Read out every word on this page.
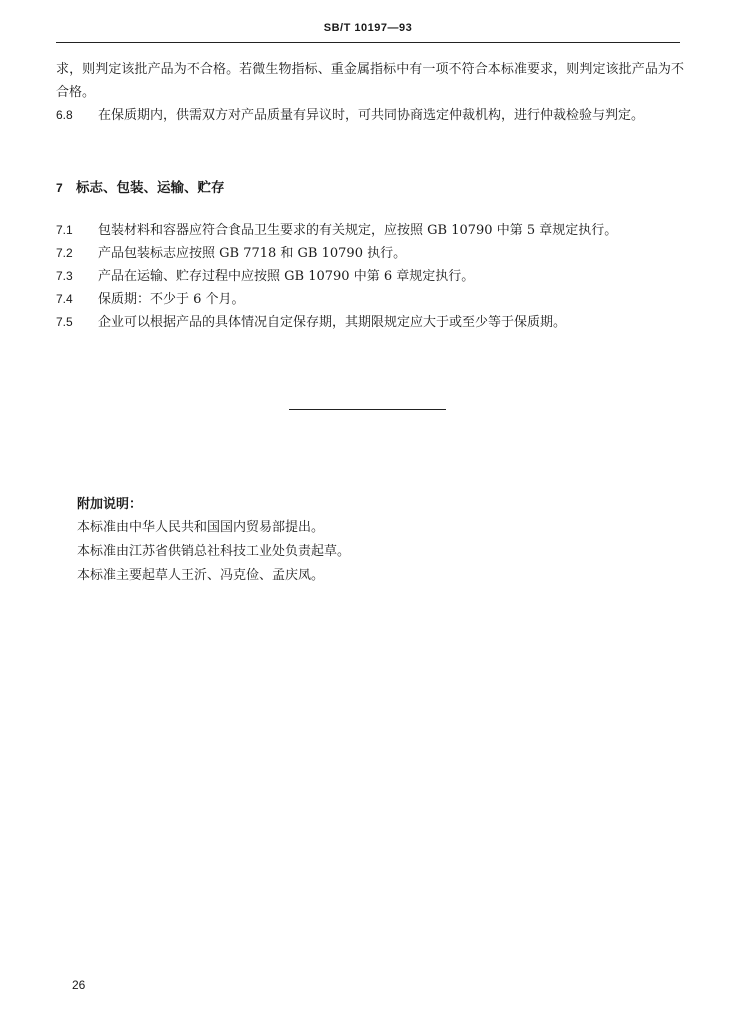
SB/T 10197—93
求，则判定该批产品为不合格。若微生物指标、重金属指标中有一项不符合本标准要求，则判定该批产品为不合格。
6.8 在保质期内，供需双方对产品质量有异议时，可共同协商选定仲裁机构，进行仲裁检验与判定。
7 标志、包装、运输、贮存
7.1 包装材料和容器应符合食品卫生要求的有关规定，应按照 GB 10790 中第 5 章规定执行。
7.2 产品包装标志应按照 GB 7718 和 GB 10790 执行。
7.3 产品在运输、贮存过程中应按照 GB 10790 中第 6 章规定执行。
7.4 保质期：不少于 6 个月。
7.5 企业可以根据产品的具体情况自定保存期，其期限规定应大于或至少等于保质期。
附加说明：
本标准由中华人民共和国国内贸易部提出。
本标准由江苏省供销总社科技工业处负责起草。
本标准主要起草人王沂、冯克俭、孟庆凤。
26
